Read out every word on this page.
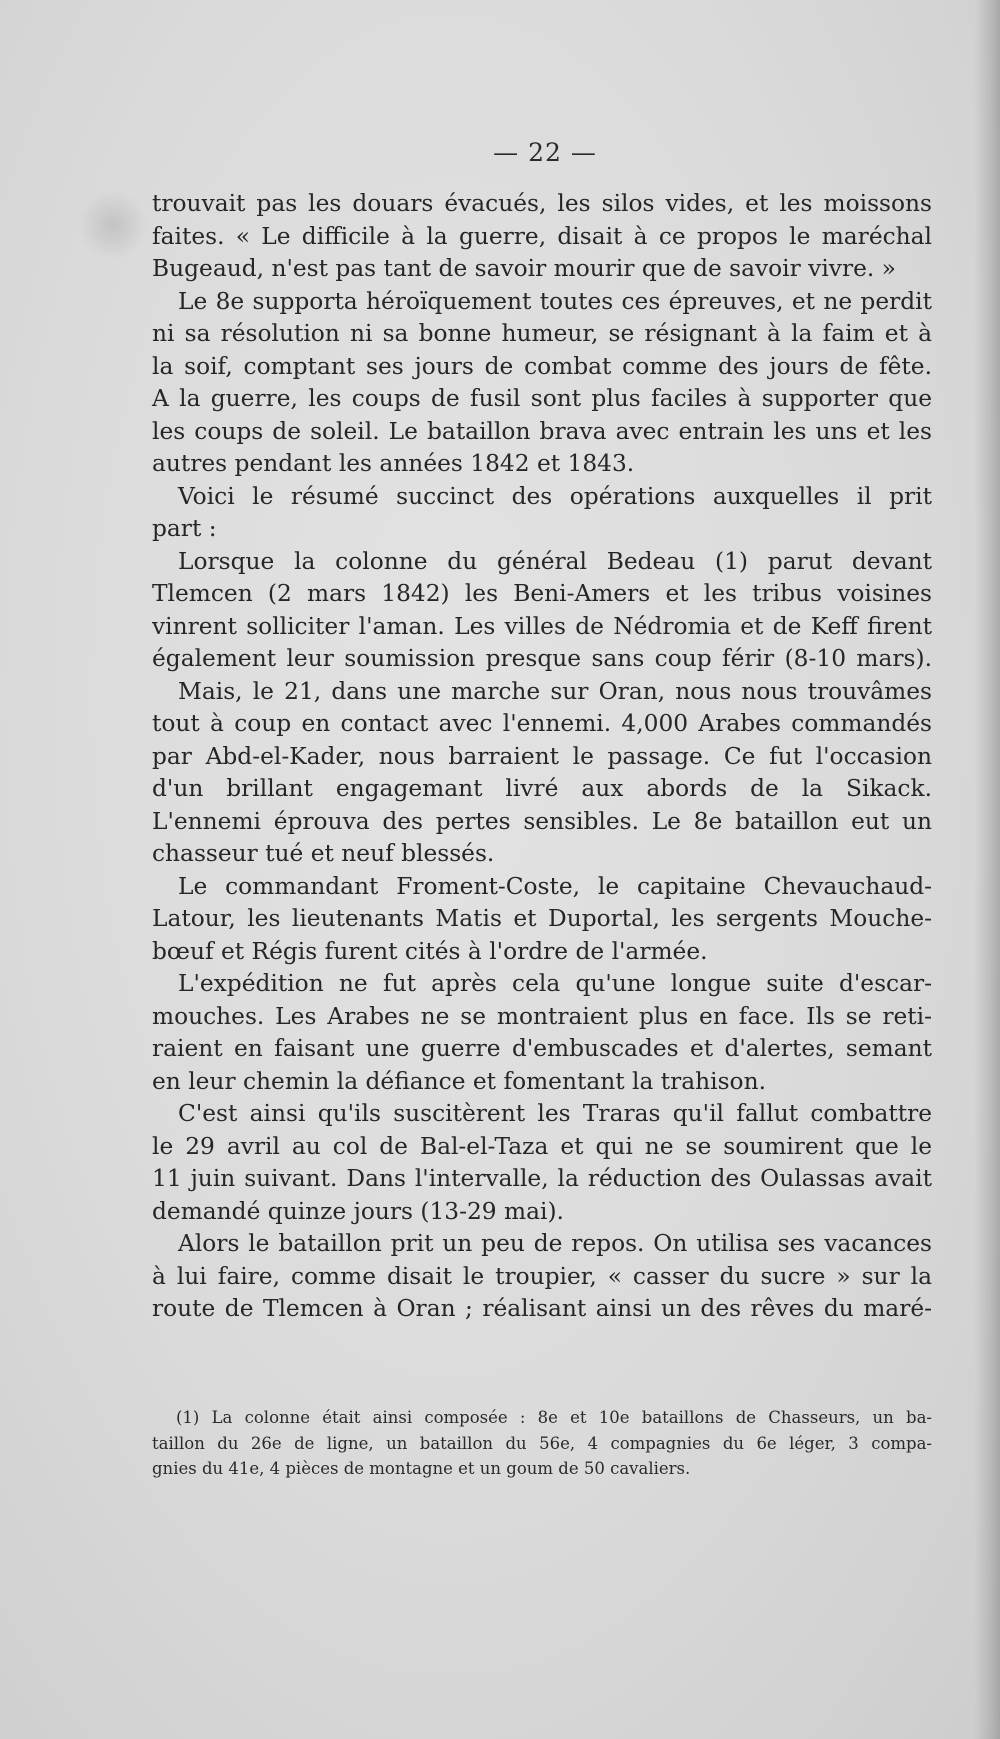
— 22 —
trouvait pas les douars évacués, les silos vides, et les moissons
faites. « Le difficile à la guerre, disait à ce propos le maréchal
Bugeaud, n'est pas tant de savoir mourir que de savoir vivre. »
Le 8e supporta héroïquement toutes ces épreuves, et ne perdit
ni sa résolution ni sa bonne humeur, se résignant à la faim et à
la soif, comptant ses jours de combat comme des jours de fête.
A la guerre, les coups de fusil sont plus faciles à supporter que
les coups de soleil. Le bataillon brava avec entrain les uns et les
autres pendant les années 1842 et 1843.
Voici le résumé succinct des opérations auxquelles il prit
part :
Lorsque la colonne du général Bedeau (1) parut devant
Tlemcen (2 mars 1842) les Beni-Amers et les tribus voisines
vinrent solliciter l'aman. Les villes de Nédromia et de Keff firent
également leur soumission presque sans coup férir (8-10 mars).
Mais, le 21, dans une marche sur Oran, nous nous trouvâmes
tout à coup en contact avec l'ennemi. 4,000 Arabes commandés
par Abd-el-Kader, nous barraient le passage. Ce fut l'occasion
d'un brillant engagemant livré aux abords de la Sikack.
L'ennemi éprouva des pertes sensibles. Le 8e bataillon eut un
chasseur tué et neuf blessés.
Le commandant Froment-Coste, le capitaine Chevauchaud-
Latour, les lieutenants Matis et Duportal, les sergents Mouche-
bœuf et Régis furent cités à l'ordre de l'armée.
L'expédition ne fut après cela qu'une longue suite d'escar-
mouches. Les Arabes ne se montraient plus en face. Ils se reti-
raient en faisant une guerre d'embuscades et d'alertes, semant
en leur chemin la défiance et fomentant la trahison.
C'est ainsi qu'ils suscitèrent les Traras qu'il fallut combattre
le 29 avril au col de Bal-el-Taza et qui ne se soumirent que le
11 juin suivant. Dans l'intervalle, la réduction des Oulassas avait
demandé quinze jours (13-29 mai).
Alors le bataillon prit un peu de repos. On utilisa ses vacances
à lui faire, comme disait le troupier, « casser du sucre » sur la
route de Tlemcen à Oran ; réalisant ainsi un des rêves du maré-
(1) La colonne était ainsi composée : 8e et 10e bataillons de Chasseurs, un ba-
taillon du 26e de ligne, un bataillon du 56e, 4 compagnies du 6e léger, 3 compa-
gnies du 41e, 4 pièces de montagne et un goum de 50 cavaliers.
